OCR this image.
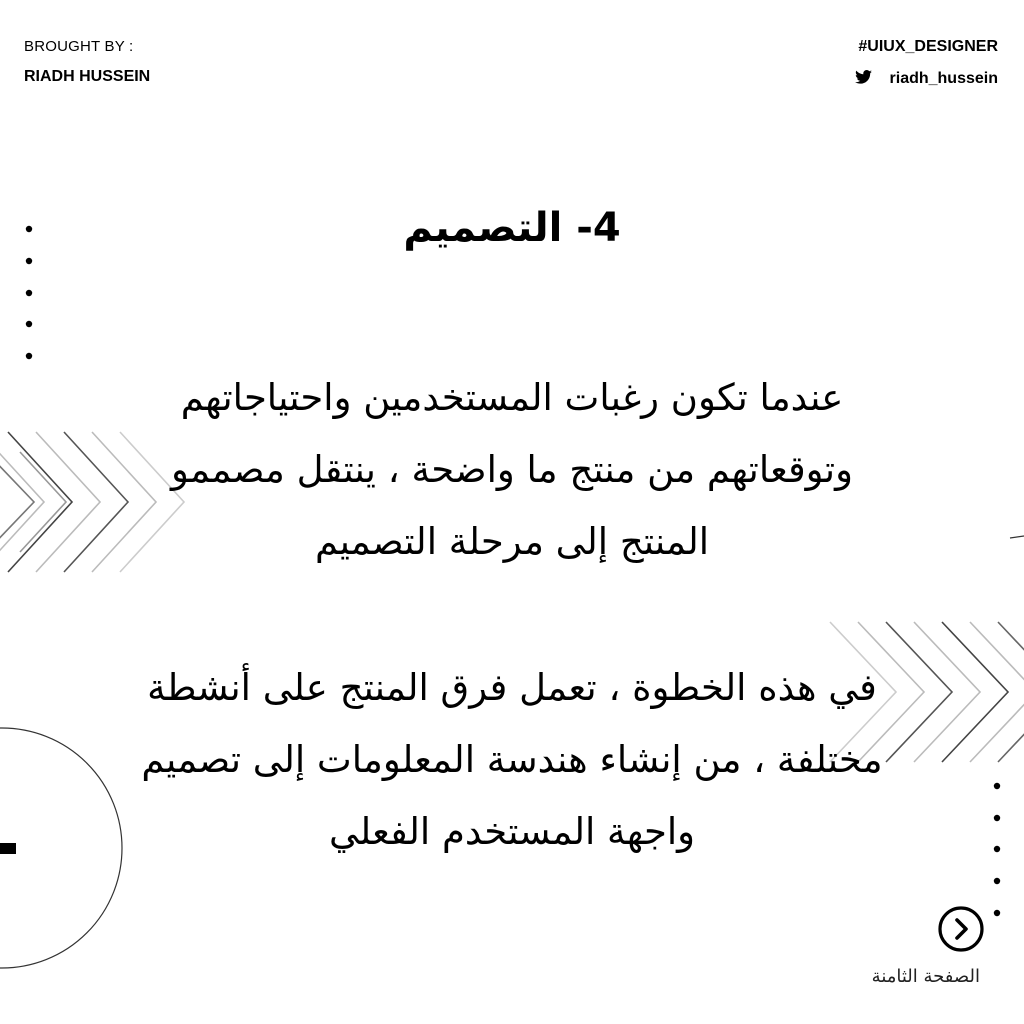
BROUGHT BY :
RIADH HUSSEIN
#UIUX_DESIGNER
riadh_hussein
4- التصميم

عندما تكون رغبات المستخدمين واحتياجاتهم
وتوقعاتهم من منتج ما واضحة ، ينتقل مصممو
المنتج إلى مرحلة التصميم

في هذه الخطوة ، تعمل فرق المنتج على أنشطة
مختلفة ، من إنشاء هندسة المعلومات إلى تصميم
واجهة المستخدم الفعلي

الصفحة الثامنة
